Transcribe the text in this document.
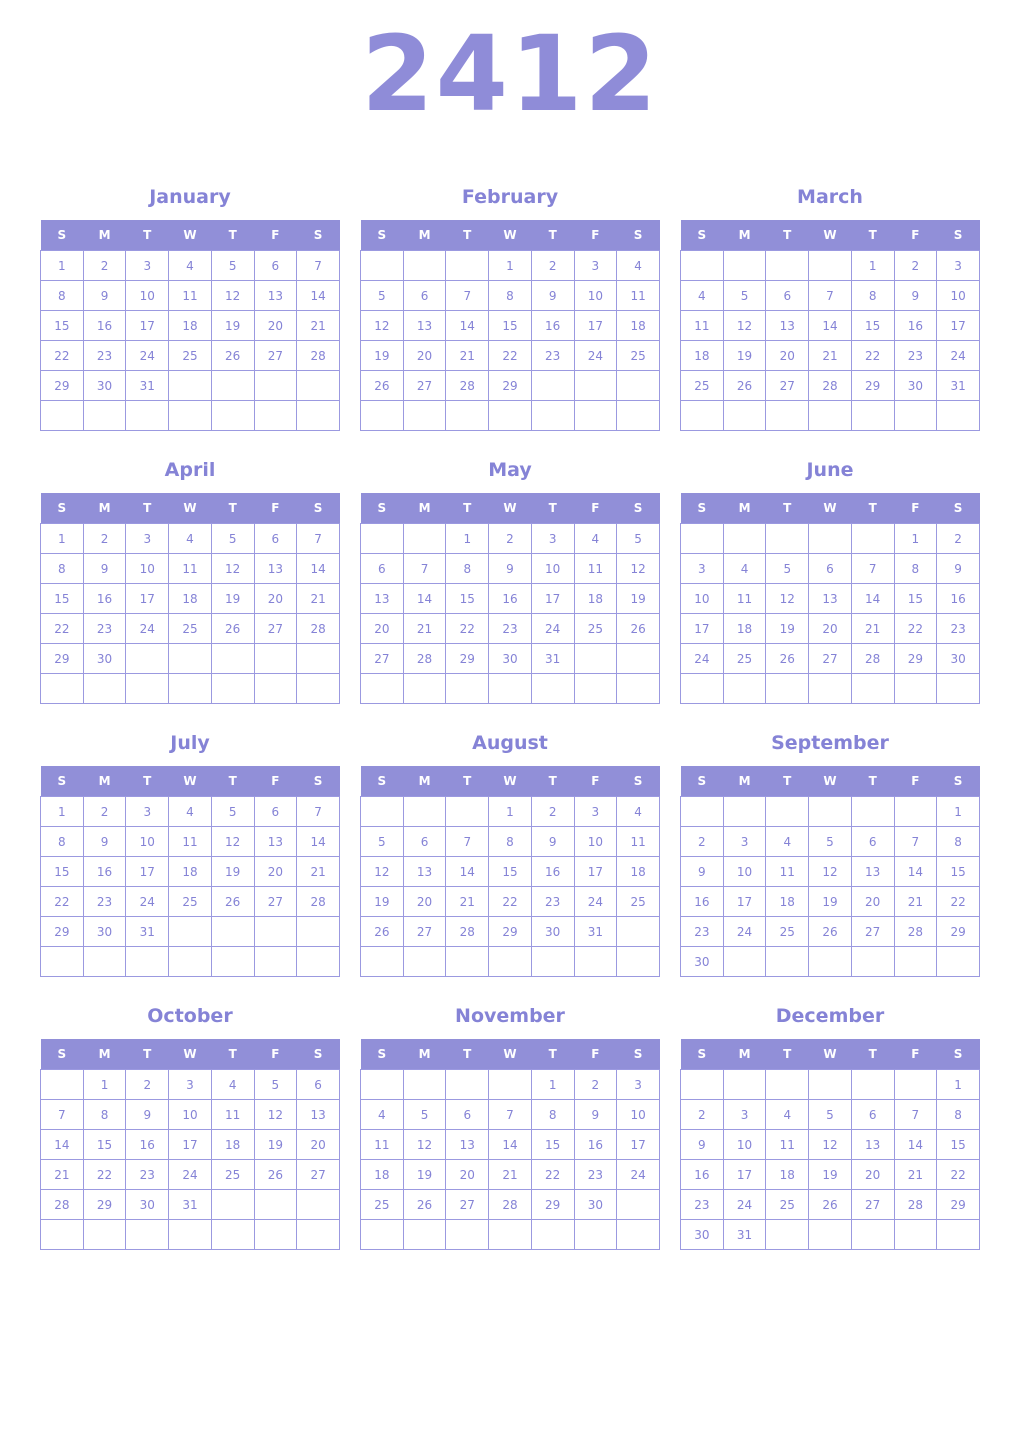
2412
January
S	M	T	W	T	F	S
1	2	3	4	5	6	7
8	9	10	11	12	13	14
15	16	17	18	19	20	21
22	23	24	25	26	27	28
29	30	31				

February
S	M	T	W	T	F	S
			1	2	3	4
5	6	7	8	9	10	11
12	13	14	15	16	17	18
19	20	21	22	23	24	25
26	27	28	29			

March
S	M	T	W	T	F	S
				1	2	3
4	5	6	7	8	9	10
11	12	13	14	15	16	17
18	19	20	21	22	23	24
25	26	27	28	29	30	31

April
S	M	T	W	T	F	S
1	2	3	4	5	6	7
8	9	10	11	12	13	14
15	16	17	18	19	20	21
22	23	24	25	26	27	28
29	30					

May
S	M	T	W	T	F	S
		1	2	3	4	5
6	7	8	9	10	11	12
13	14	15	16	17	18	19
20	21	22	23	24	25	26
27	28	29	30	31		

June
S	M	T	W	T	F	S
					1	2
3	4	5	6	7	8	9
10	11	12	13	14	15	16
17	18	19	20	21	22	23
24	25	26	27	28	29	30

July
S	M	T	W	T	F	S
1	2	3	4	5	6	7
8	9	10	11	12	13	14
15	16	17	18	19	20	21
22	23	24	25	26	27	28
29	30	31				

August
S	M	T	W	T	F	S
			1	2	3	4
5	6	7	8	9	10	11
12	13	14	15	16	17	18
19	20	21	22	23	24	25
26	27	28	29	30	31	

September
S	M	T	W	T	F	S
						1
2	3	4	5	6	7	8
9	10	11	12	13	14	15
16	17	18	19	20	21	22
23	24	25	26	27	28	29
30						
October
S	M	T	W	T	F	S
	1	2	3	4	5	6
7	8	9	10	11	12	13
14	15	16	17	18	19	20
21	22	23	24	25	26	27
28	29	30	31			

November
S	M	T	W	T	F	S
				1	2	3
4	5	6	7	8	9	10
11	12	13	14	15	16	17
18	19	20	21	22	23	24
25	26	27	28	29	30	

December
S	M	T	W	T	F	S
						1
2	3	4	5	6	7	8
9	10	11	12	13	14	15
16	17	18	19	20	21	22
23	24	25	26	27	28	29
30	31					
